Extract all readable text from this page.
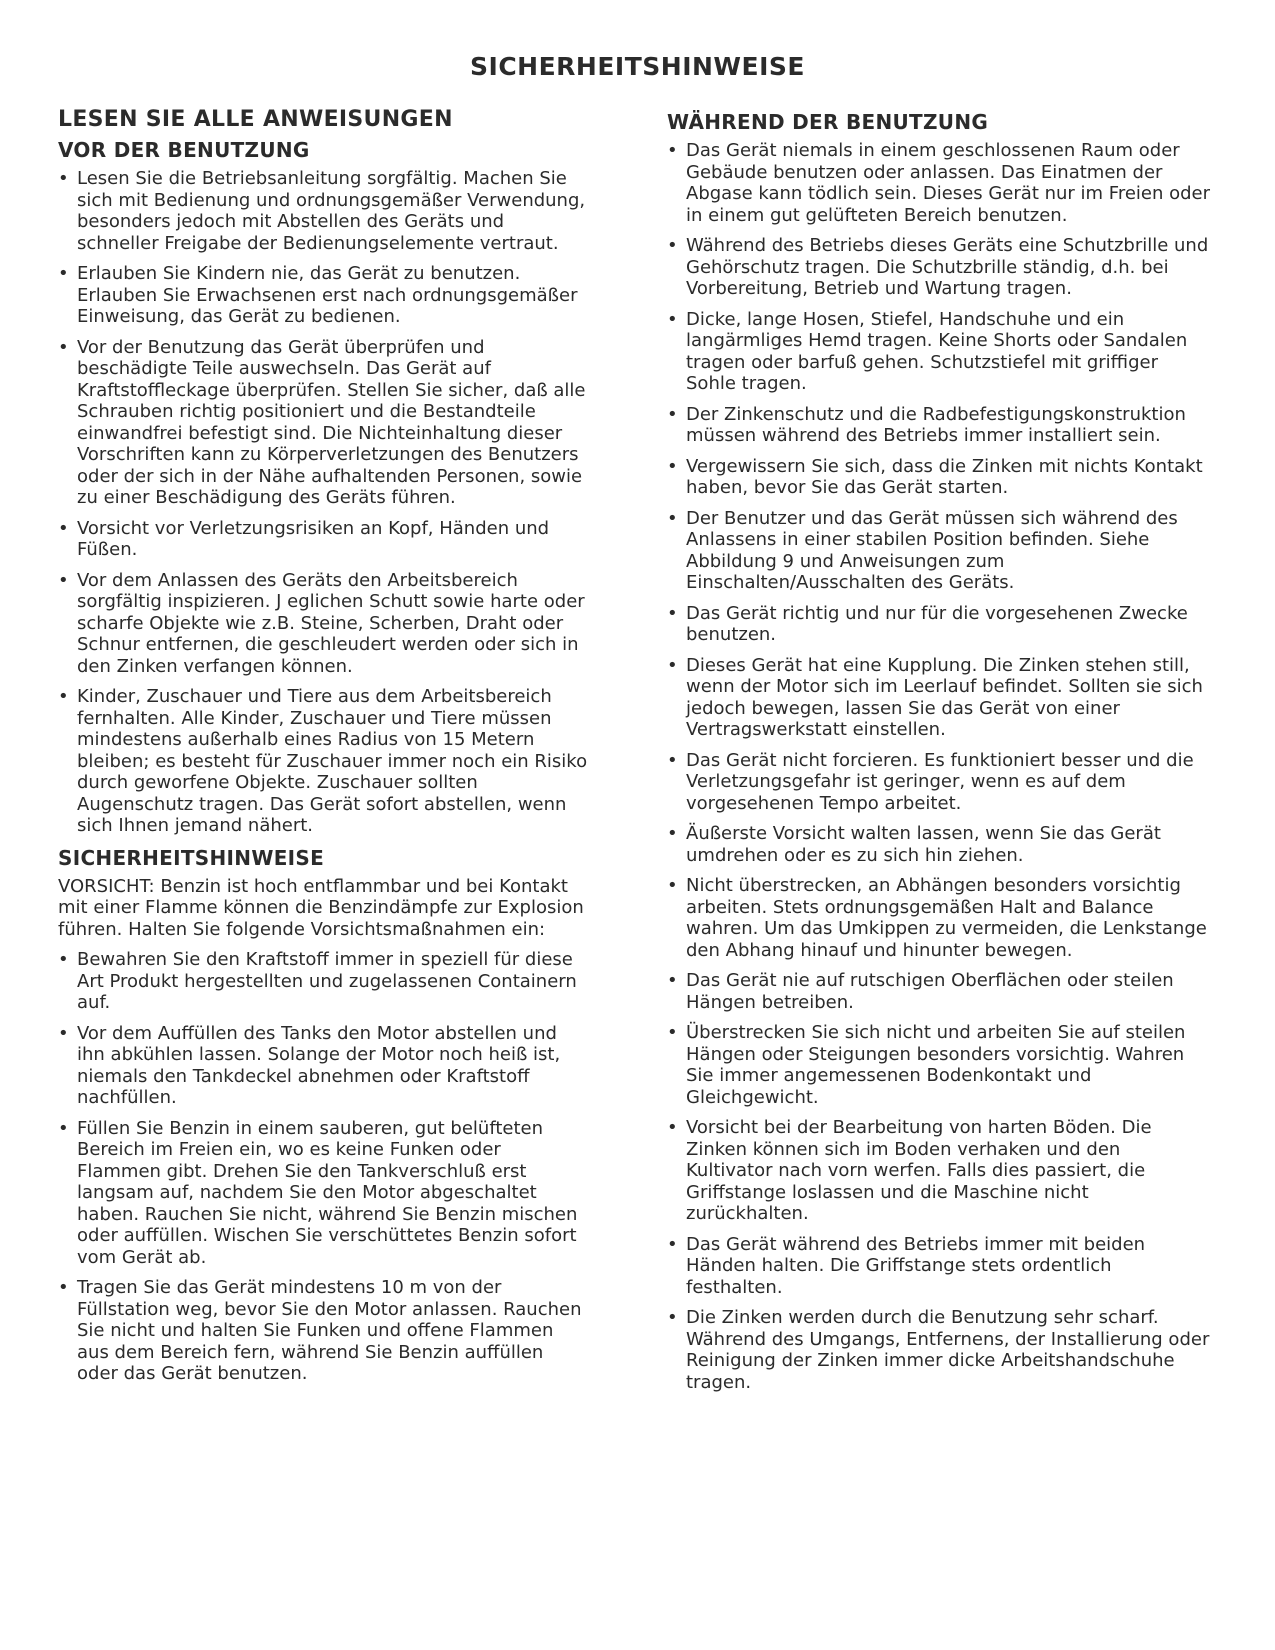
SICHERHEITSHINWEISE
LESEN SIE ALLE ANWEISUNGEN
VOR DER BENUTZUNG
• Lesen Sie die Betriebsanleitung sorgfältig. Machen Sie sich mit Bedienung und ordnungsgemäßer Verwendung, besonders jedoch mit Abstellen des Geräts und schneller Freigabe der Bedienungselemente vertraut.
• Erlauben Sie Kindern nie, das Gerät zu benutzen. Erlauben Sie Erwachsenen erst nach ordnungsgemäßer Einweisung, das Gerät zu bedienen.
• Vor der Benutzung das Gerät überprüfen und beschädigte Teile auswechseln. Das Gerät auf Kraftstoffleckage überprüfen. Stellen Sie sicher, daß alle Schrauben richtig positioniert und die Bestandteile einwandfrei befestigt sind. Die Nichteinhaltung dieser Vorschriften kann zu Körperverletzungen des Benutzers oder der sich in der Nähe aufhaltenden Personen, sowie zu einer Beschädigung des Geräts führen.
• Vorsicht vor Verletzungsrisiken an Kopf, Händen und Füßen.
• Vor dem Anlassen des Geräts den Arbeitsbereich sorgfältig inspizieren. J eglichen Schutt sowie harte oder scharfe Objekte wie z.B. Steine, Scherben, Draht oder Schnur entfernen, die geschleudert werden oder sich in den Zinken verfangen können.
• Kinder, Zuschauer und Tiere aus dem Arbeitsbereich fernhalten. Alle Kinder, Zuschauer und Tiere müssen mindestens außerhalb eines Radius von 15 Metern bleiben; es besteht für Zuschauer immer noch ein Risiko durch geworfene Objekte. Zuschauer sollten Augenschutz tragen. Das Gerät sofort abstellen, wenn sich Ihnen jemand nähert.
SICHERHEITSHINWEISE

VORSICHT: Benzin ist hoch entflammbar und bei Kontakt mit einer Flamme können die Benzindämpfe zur Explosion führen. Halten Sie folgende Vorsichtsmaßnahmen ein:

• Bewahren Sie den Kraftstoff immer in speziell für diese Art Produkt hergestellten und zugelassenen Containern auf.
• Vor dem Auffüllen des Tanks den Motor abstellen und ihn abkühlen lassen. Solange der Motor noch heiß ist, niemals den Tankdeckel abnehmen oder Kraftstoff nachfüllen.
• Füllen Sie Benzin in einem sauberen, gut belüfteten Bereich im Freien ein, wo es keine Funken oder Flammen gibt. Drehen Sie den Tankverschluß erst langsam auf, nachdem Sie den Motor abgeschaltet haben. Rauchen Sie nicht, während Sie Benzin mischen oder auffüllen. Wischen Sie verschüttetes Benzin sofort vom Gerät ab.
• Tragen Sie das Gerät mindestens 10 m von der Füllstation weg, bevor Sie den Motor anlassen. Rauchen Sie nicht und halten Sie Funken und offene Flammen aus dem Bereich fern, während Sie Benzin auffüllen oder das Gerät benutzen.
WÄHREND DER BENUTZUNG
• Das Gerät niemals in einem geschlossenen Raum oder Gebäude benutzen oder anlassen. Das Einatmen der Abgase kann tödlich sein. Dieses Gerät nur im Freien oder in einem gut gelüfteten Bereich benutzen.
• Während des Betriebs dieses Geräts eine Schutzbrille und Gehörschutz tragen. Die Schutzbrille ständig, d.h. bei Vorbereitung, Betrieb und Wartung tragen.
• Dicke, lange Hosen, Stiefel, Handschuhe und ein langärmliges Hemd tragen. Keine Shorts oder Sandalen tragen oder barfuß gehen. Schutzstiefel mit griffiger Sohle tragen.
• Der Zinkenschutz und die Radbefestigungskonstruktion müssen während des Betriebs immer installiert sein.
• Vergewissern Sie sich, dass die Zinken mit nichts Kontakt haben, bevor Sie das Gerät starten.
• Der Benutzer und das Gerät müssen sich während des Anlassens in einer stabilen Position befinden. Siehe Abbildung 9 und Anweisungen zum Einschalten/Ausschalten des Geräts.
• Das Gerät richtig und nur für die vorgesehenen Zwecke benutzen.
• Dieses Gerät hat eine Kupplung. Die Zinken stehen still, wenn der Motor sich im Leerlauf befindet. Sollten sie sich jedoch bewegen, lassen Sie das Gerät von einer Vertragswerkstatt einstellen.
• Das Gerät nicht forcieren. Es funktioniert besser und die Verletzungsgefahr ist geringer, wenn es auf dem vorgesehenen Tempo arbeitet.
• Äußerste Vorsicht walten lassen, wenn Sie das Gerät umdrehen oder es zu sich hin ziehen.
• Nicht überstrecken, an Abhängen besonders vorsichtig arbeiten. Stets ordnungsgemäßen Halt and Balance wahren. Um das Umkippen zu vermeiden, die Lenkstange den Abhang hinauf und hinunter bewegen.
• Das Gerät nie auf rutschigen Oberflächen oder steilen Hängen betreiben.
• Überstrecken Sie sich nicht und arbeiten Sie auf steilen Hängen oder Steigungen besonders vorsichtig. Wahren Sie immer angemessenen Bodenkontakt und Gleichgewicht.
• Vorsicht bei der Bearbeitung von harten Böden. Die Zinken können sich im Boden verhaken und den Kultivator nach vorn werfen. Falls dies passiert, die Griffstange loslassen und die Maschine nicht zurückhalten.
• Das Gerät während des Betriebs immer mit beiden Händen halten. Die Griffstange stets ordentlich festhalten.
• Die Zinken werden durch die Benutzung sehr scharf. Während des Umgangs, Entfernens, der Installierung oder Reinigung der Zinken immer dicke Arbeitshandschuhe tragen.
